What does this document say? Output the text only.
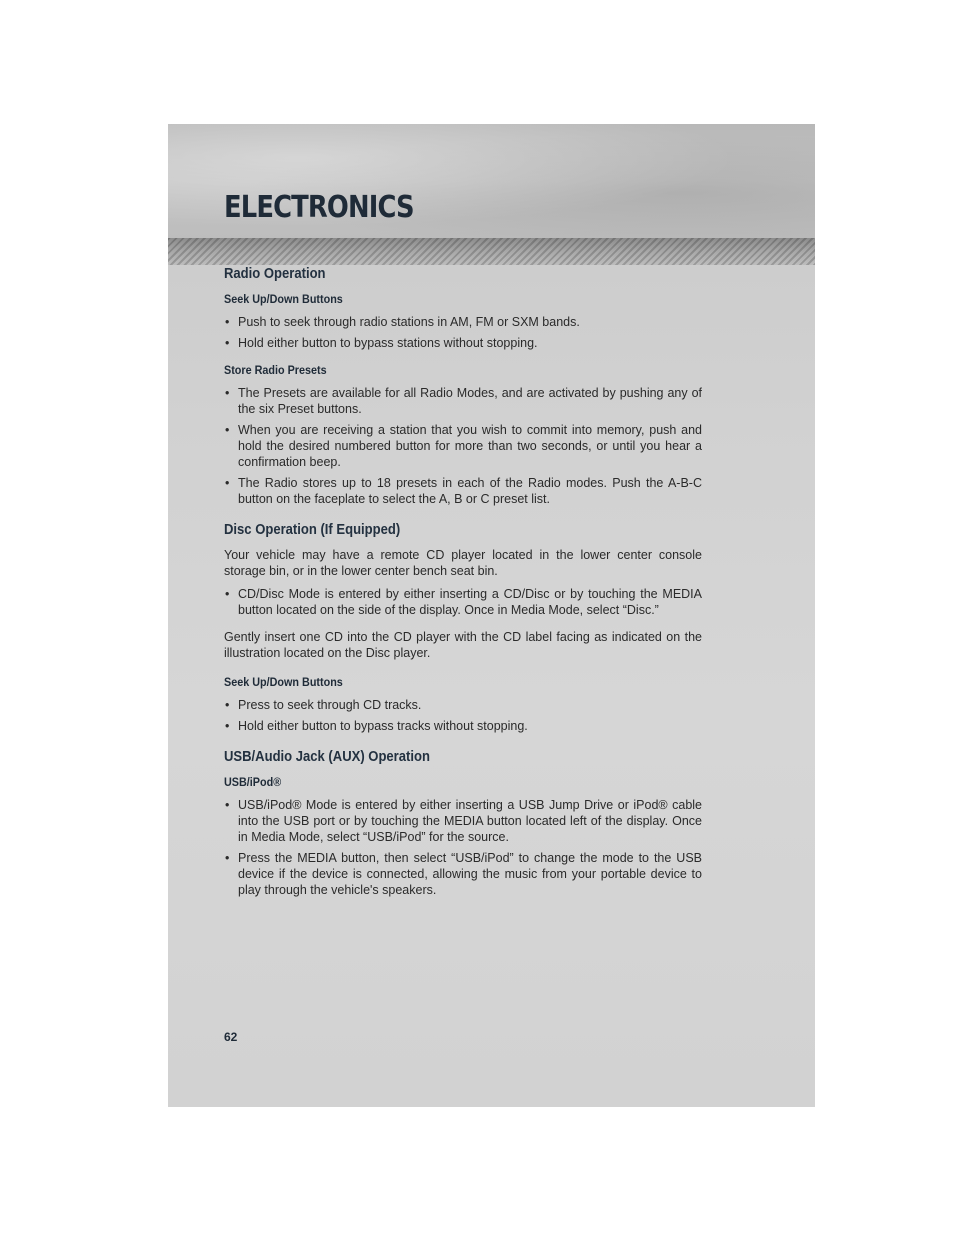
ELECTRONICS
Radio Operation
Seek Up/Down Buttons
• Push to seek through radio stations in AM, FM or SXM bands.
• Hold either button to bypass stations without stopping.
Store Radio Presets
• The Presets are available for all Radio Modes, and are activated by pushing any of the six Preset buttons.
• When you are receiving a station that you wish to commit into memory, push and hold the desired numbered button for more than two seconds, or until you hear a confirmation beep.
• The Radio stores up to 18 presets in each of the Radio modes. Push the A-B-C button on the faceplate to select the A, B or C preset list.
Disc Operation (If Equipped)

Your vehicle may have a remote CD player located in the lower center console storage bin, or in the lower center bench seat bin.

• CD/Disc Mode is entered by either inserting a CD/Disc or by touching the MEDIA button located on the side of the display. Once in Media Mode, select “Disc.”

Gently insert one CD into the CD player with the CD label facing as indicated on the illustration located on the Disc player.

Seek Up/Down Buttons
• Press to seek through CD tracks.
• Hold either button to bypass tracks without stopping.
USB/Audio Jack (AUX) Operation
USB/iPod®
• USB/iPod® Mode is entered by either inserting a USB Jump Drive or iPod® cable into the USB port or by touching the MEDIA button located left of the display. Once in Media Mode, select “USB/iPod” for the source.
• Press the MEDIA button, then select “USB/iPod” to change the mode to the USB device if the device is connected, allowing the music from your portable device to play through the vehicle's speakers.
62
